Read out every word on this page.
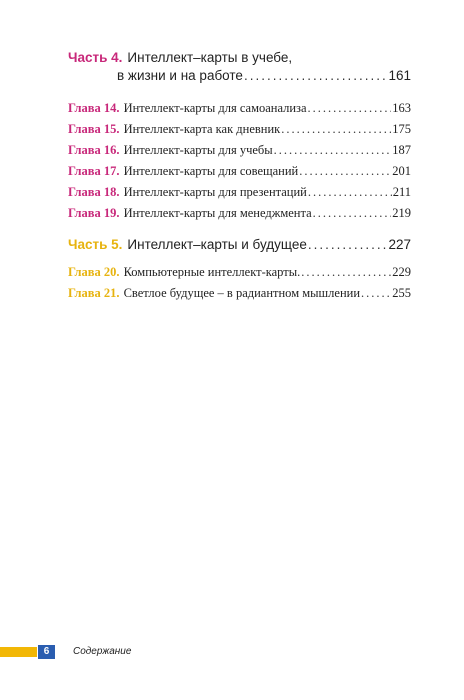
Часть 4. Интеллект–карты в учебе,
в жизни и на работе .....	161
Глава 14. Интеллект-карты для самоанализа .....	163
Глава 15. Интеллект-карта как дневник .....	175
Глава 16. Интеллект-карты для учебы .....	187
Глава 17. Интеллект-карты для совещаний .....	201
Глава 18. Интеллект-карты для презентаций .....	211
Глава 19. Интеллект-карты для менеджмента .....	219
Часть 5. Интеллект–карты и будущее .....	227
Глава 20. Компьютерные интеллект-карты. .....	229
Глава 21. Светлое будущее – в радиантном мышлении .....	255
6	Содержание
